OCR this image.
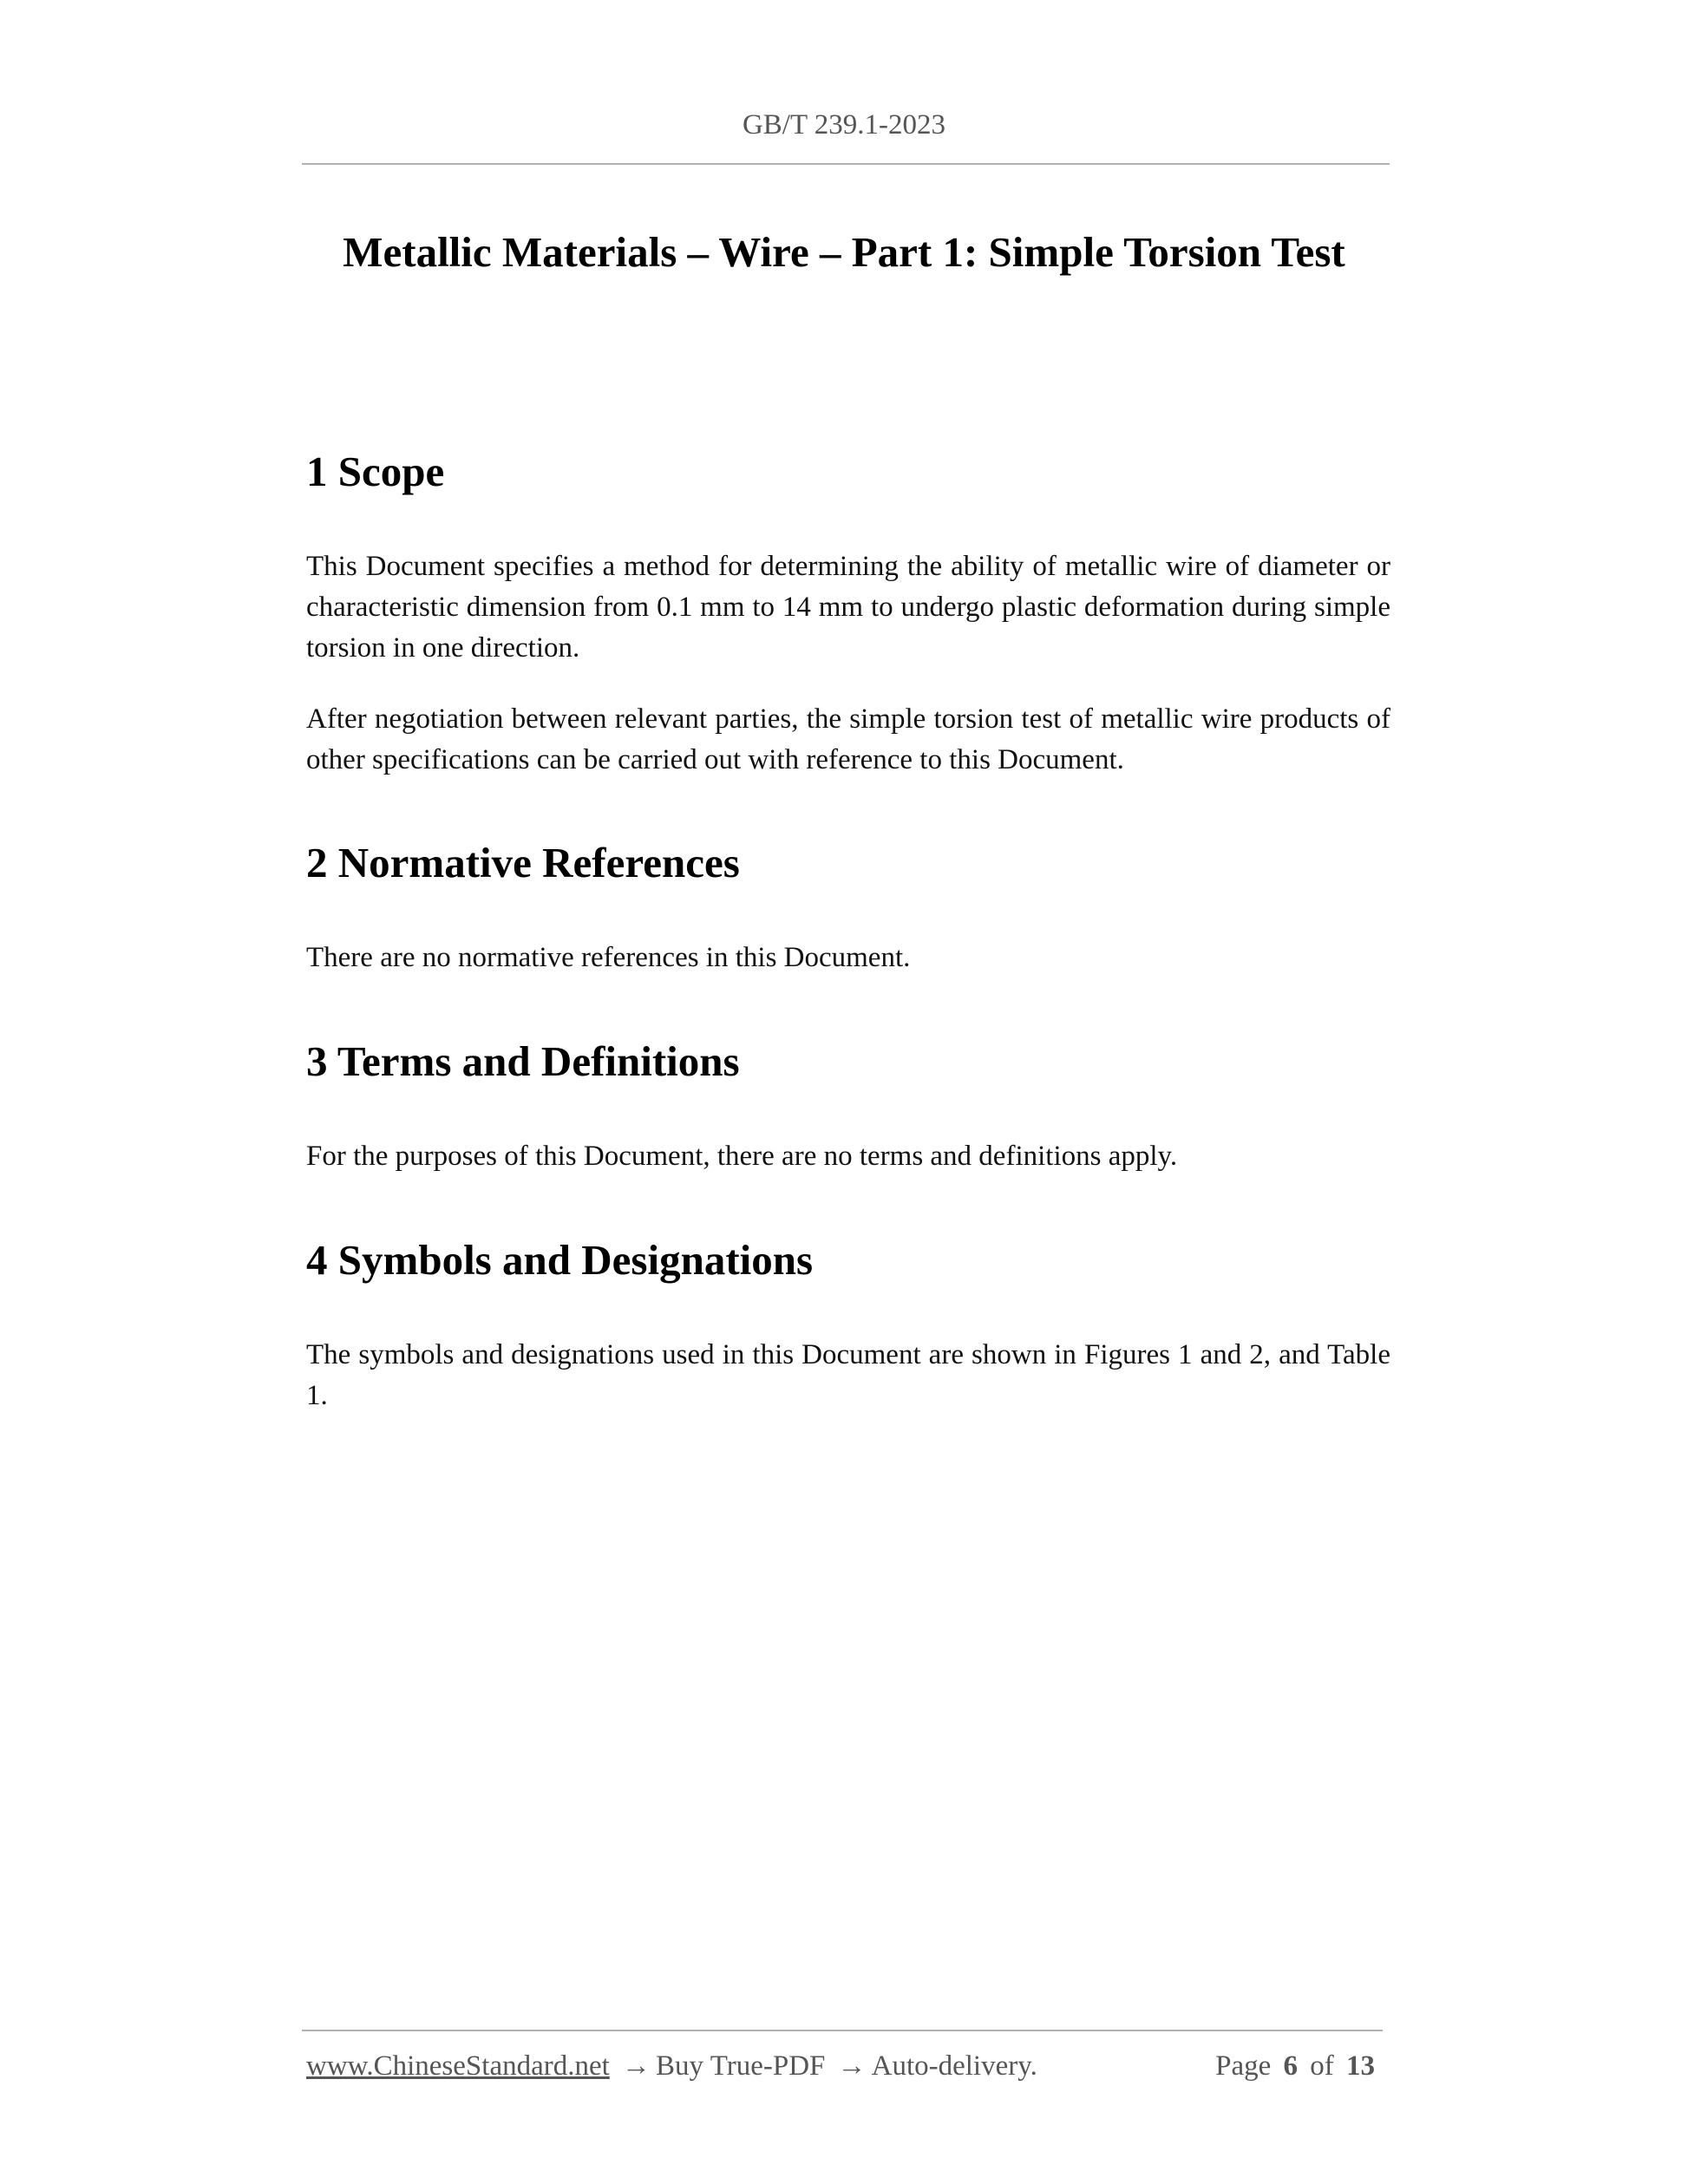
GB/T 239.1-2023
Metallic Materials – Wire – Part 1: Simple Torsion Test
1 Scope

This Document specifies a method for determining the ability of metallic wire of diameter or characteristic dimension from 0.1 mm to 14 mm to undergo plastic deformation during simple torsion in one direction.

After negotiation between relevant parties, the simple torsion test of metallic wire products of other specifications can be carried out with reference to this Document.

2 Normative References

There are no normative references in this Document.

3 Terms and Definitions

For the purposes of this Document, there are no terms and definitions apply.

4 Symbols and Designations

The symbols and designations used in this Document are shown in Figures 1 and 2, and Table 1.

www.ChineseStandard.net → Buy True-PDF → Auto-delivery.	Page 6 of 13
